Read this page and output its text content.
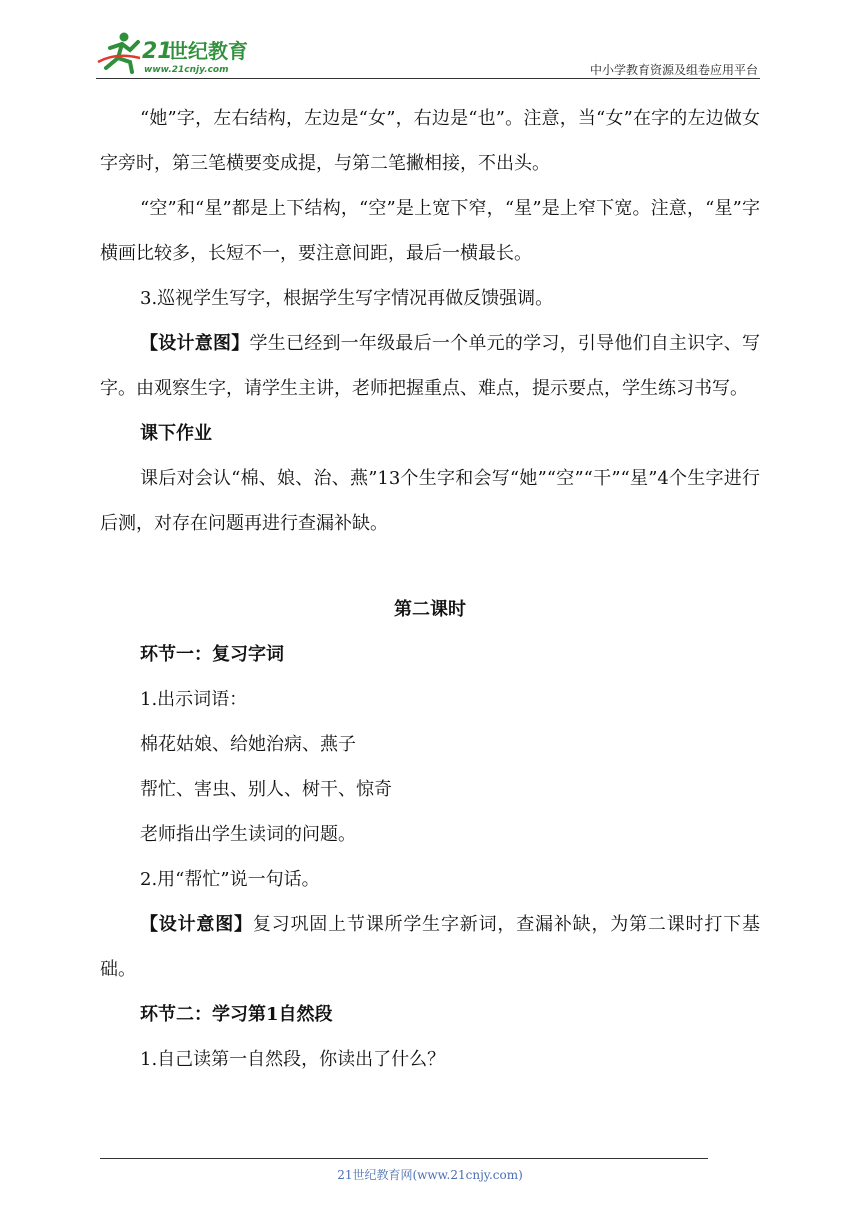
21
世纪教育
www.21cnjy.com	中小学教育资源及组卷应用平台

“她”字，左右结构，左边是“女”，右边是“也”。注意，当“女”在字的左边做女字旁时，第三笔横要变成提，与第二笔撇相接，不出头。

“空”和“星”都是上下结构，“空”是上宽下窄，“星”是上窄下宽。注意，“星”字横画比较多，长短不一，要注意间距，最后一横最长。

3.巡视学生写字，根据学生写字情况再做反馈强调。

【设计意图】学生已经到一年级最后一个单元的学习，引导他们自主识字、写字。由观察生字，请学生主讲，老师把握重点、难点，提示要点，学生练习书写。

课下作业

课后对会认“棉、娘、治、燕”13个生字和会写“她”“空”“干”“星”4个生字进行后测，对存在问题再进行查漏补缺。

第二课时

环节一：复习字词

1.出示词语：

棉花姑娘、给她治病、燕子

帮忙、害虫、别人、树干、惊奇

老师指出学生读词的问题。

2.用“帮忙”说一句话。

【设计意图】复习巩固上节课所学生字新词，查漏补缺，为第二课时打下基础。

环节二：学习第1自然段

1.自己读第一自然段，你读出了什么？

21世纪教育网(www.21cnjy.com)
